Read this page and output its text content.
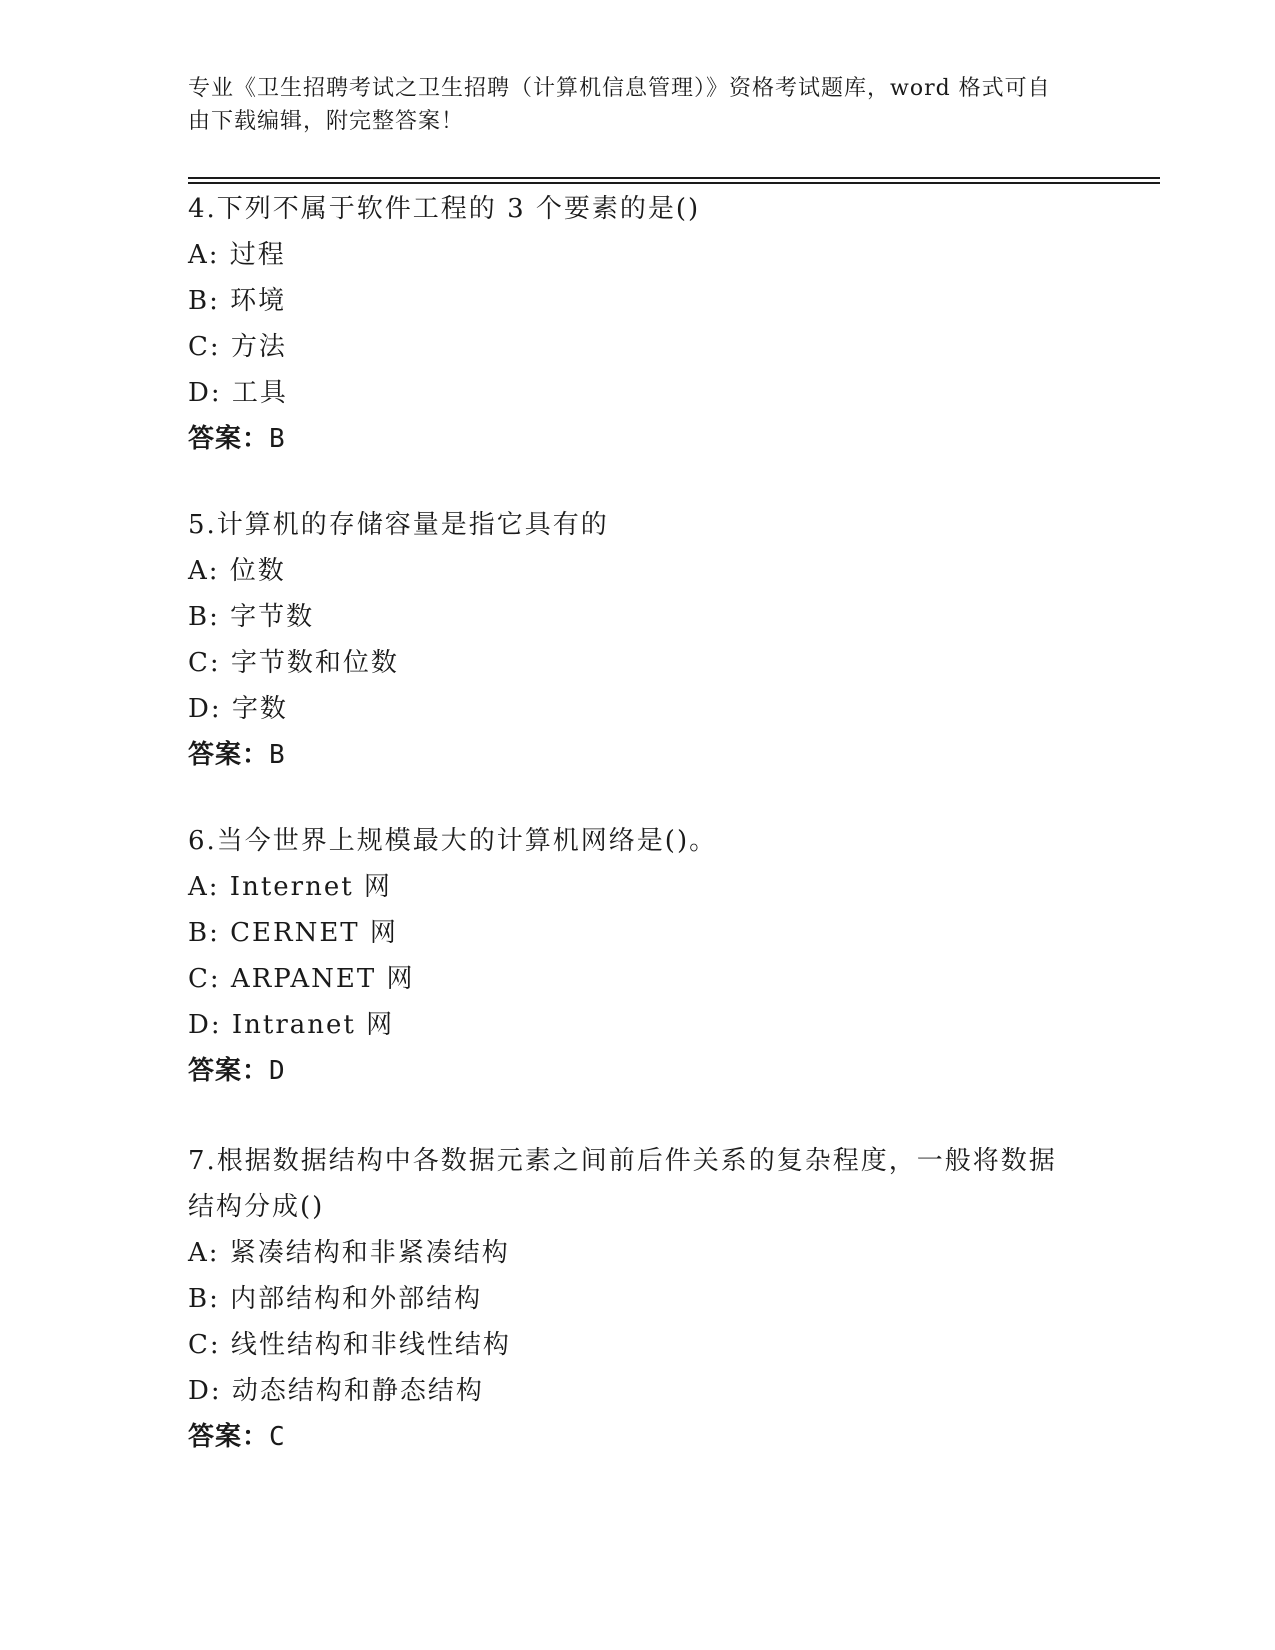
专业《卫生招聘考试之卫生招聘（计算机信息管理）》资格考试题库，word 格式可自由下载编辑，附完整答案！
4.下列不属于软件工程的 3 个要素的是()
A: 过程
B: 环境
C: 方法
D: 工具
答案：B
5.计算机的存储容量是指它具有的
A: 位数
B: 字节数
C: 字节数和位数
D: 字数
答案：B
6.当今世界上规模最大的计算机网络是()。
A: Internet 网
B: CERNET 网
C: ARPANET 网
D: Intranet 网
答案：D
7.根据数据结构中各数据元素之间前后件关系的复杂程度，一般将数据结构分成()
A: 紧凑结构和非紧凑结构
B: 内部结构和外部结构
C: 线性结构和非线性结构
D: 动态结构和静态结构
答案：C
